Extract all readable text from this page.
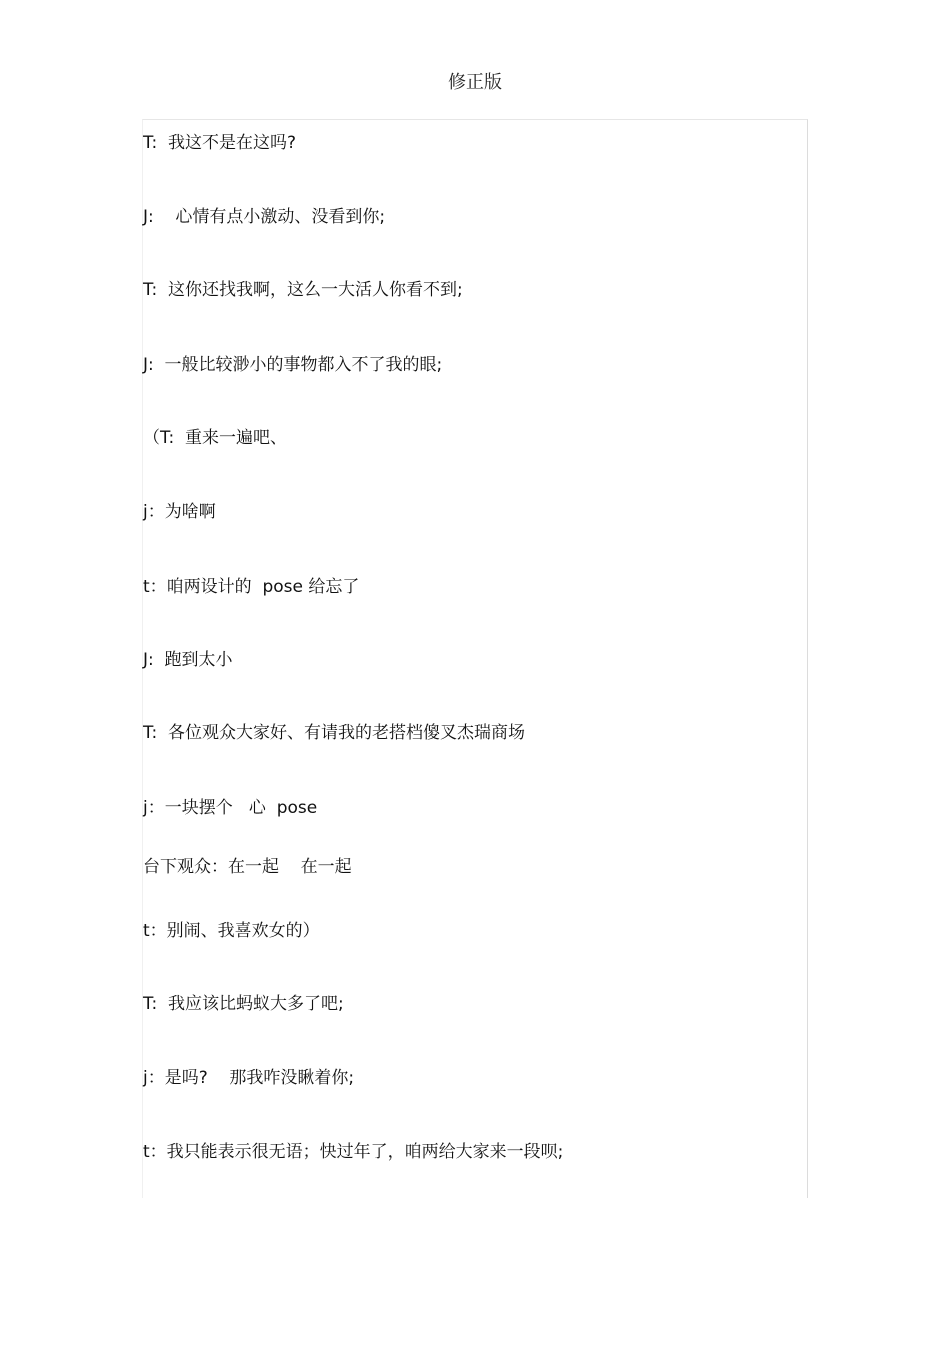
修正版
T:  我这不是在这吗?
J:    心情有点小激动、没看到你;
T:  这你还找我啊，这么一大活人你看不到;
J:  一般比较渺小的事物都入不了我的眼;
（T:  重来一遍吧、
j：为啥啊
t：咱两设计的  pose 给忘了
J:  跑到太小
T:  各位观众大家好、有请我的老搭档傻叉杰瑞商场
j：一块摆个   心  pose
台下观众：在一起    在一起
t：别闹、我喜欢女的）
T:  我应该比蚂蚁大多了吧;
j：是吗?    那我咋没瞅着你;
t：我只能表示很无语；快过年了，咱两给大家来一段呗;
